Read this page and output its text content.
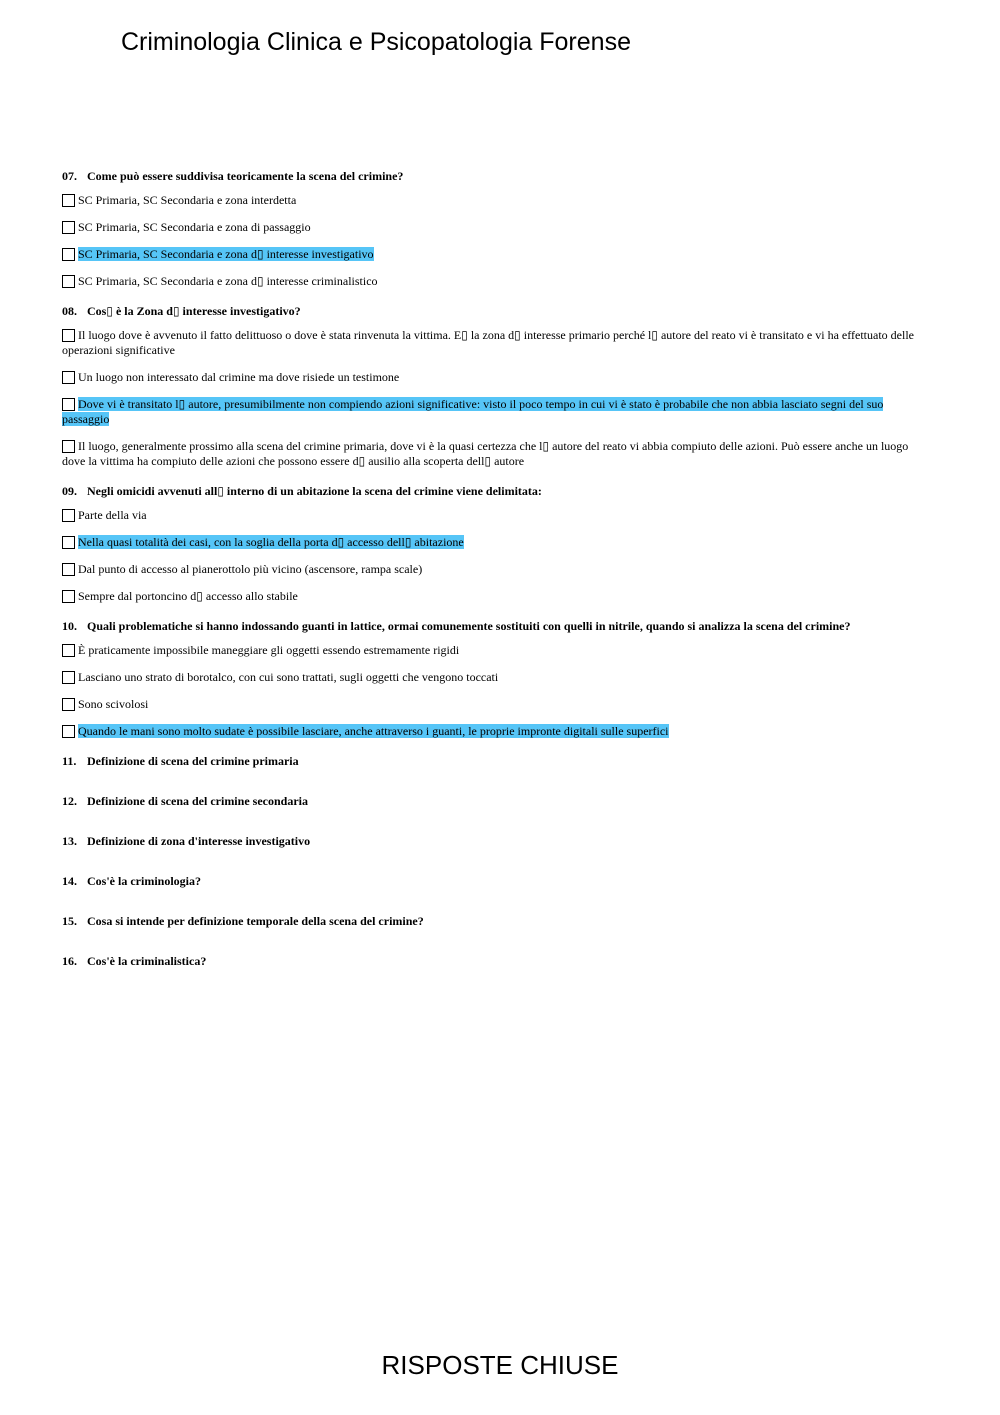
Criminologia Clinica e Psicopatologia Forense
07. Come può essere suddivisa teoricamente la scena del crimine?
SC Primaria, SC Secondaria e zona interdetta
SC Primaria, SC Secondaria e zona di passaggio
SC Primaria, SC Secondaria e zona d▯ interesse investigativo
SC Primaria, SC Secondaria e zona d▯ interesse criminalistico
08. Cos▯ è la Zona d▯ interesse investigativo?
Il luogo dove è avvenuto il fatto delittuoso o dove è stata rinvenuta la vittima. E▯ la zona d▯ interesse primario perché l▯ autore del reato vi è transitato e vi ha effettuato delle operazioni significative
Un luogo non interessato dal crimine ma dove risiede un testimone
Dove vi è transitato l▯ autore, presumibilmente non compiendo azioni significative: visto il poco tempo in cui vi è stato è probabile che non abbia lasciato segni del suo passaggio
Il luogo, generalmente prossimo alla scena del crimine primaria, dove vi è la quasi certezza che l▯ autore del reato vi abbia compiuto delle azioni. Può essere anche un luogo dove la vittima ha compiuto delle azioni che possono essere d▯ ausilio alla scoperta dell▯ autore
09. Negli omicidi avvenuti all▯ interno di un abitazione la scena del crimine viene delimitata:
Parte della via
Nella quasi totalità dei casi, con la soglia della porta d▯ accesso dell▯ abitazione
Dal punto di accesso al pianerottolo più vicino (ascensore, rampa scale)
Sempre dal portoncino d▯ accesso allo stabile
10. Quali problematiche si hanno indossando guanti in lattice, ormai comunemente sostituiti con quelli in nitrile, quando si analizza la scena del crimine?
È praticamente impossibile maneggiare gli oggetti essendo estremamente rigidi
Lasciano uno strato di borotalco, con cui sono trattati, sugli oggetti che vengono toccati
Sono scivolosi
Quando le mani sono molto sudate è possibile lasciare, anche attraverso i guanti, le proprie impronte digitali sulle superfici
11. Definizione di scena del crimine primaria
12. Definizione di scena del crimine secondaria
13. Definizione di zona d'interesse investigativo
14. Cos'è la criminologia?
15. Cosa si intende per definizione temporale della scena del crimine?
16. Cos'è la criminalistica?
RISPOSTE CHIUSE
